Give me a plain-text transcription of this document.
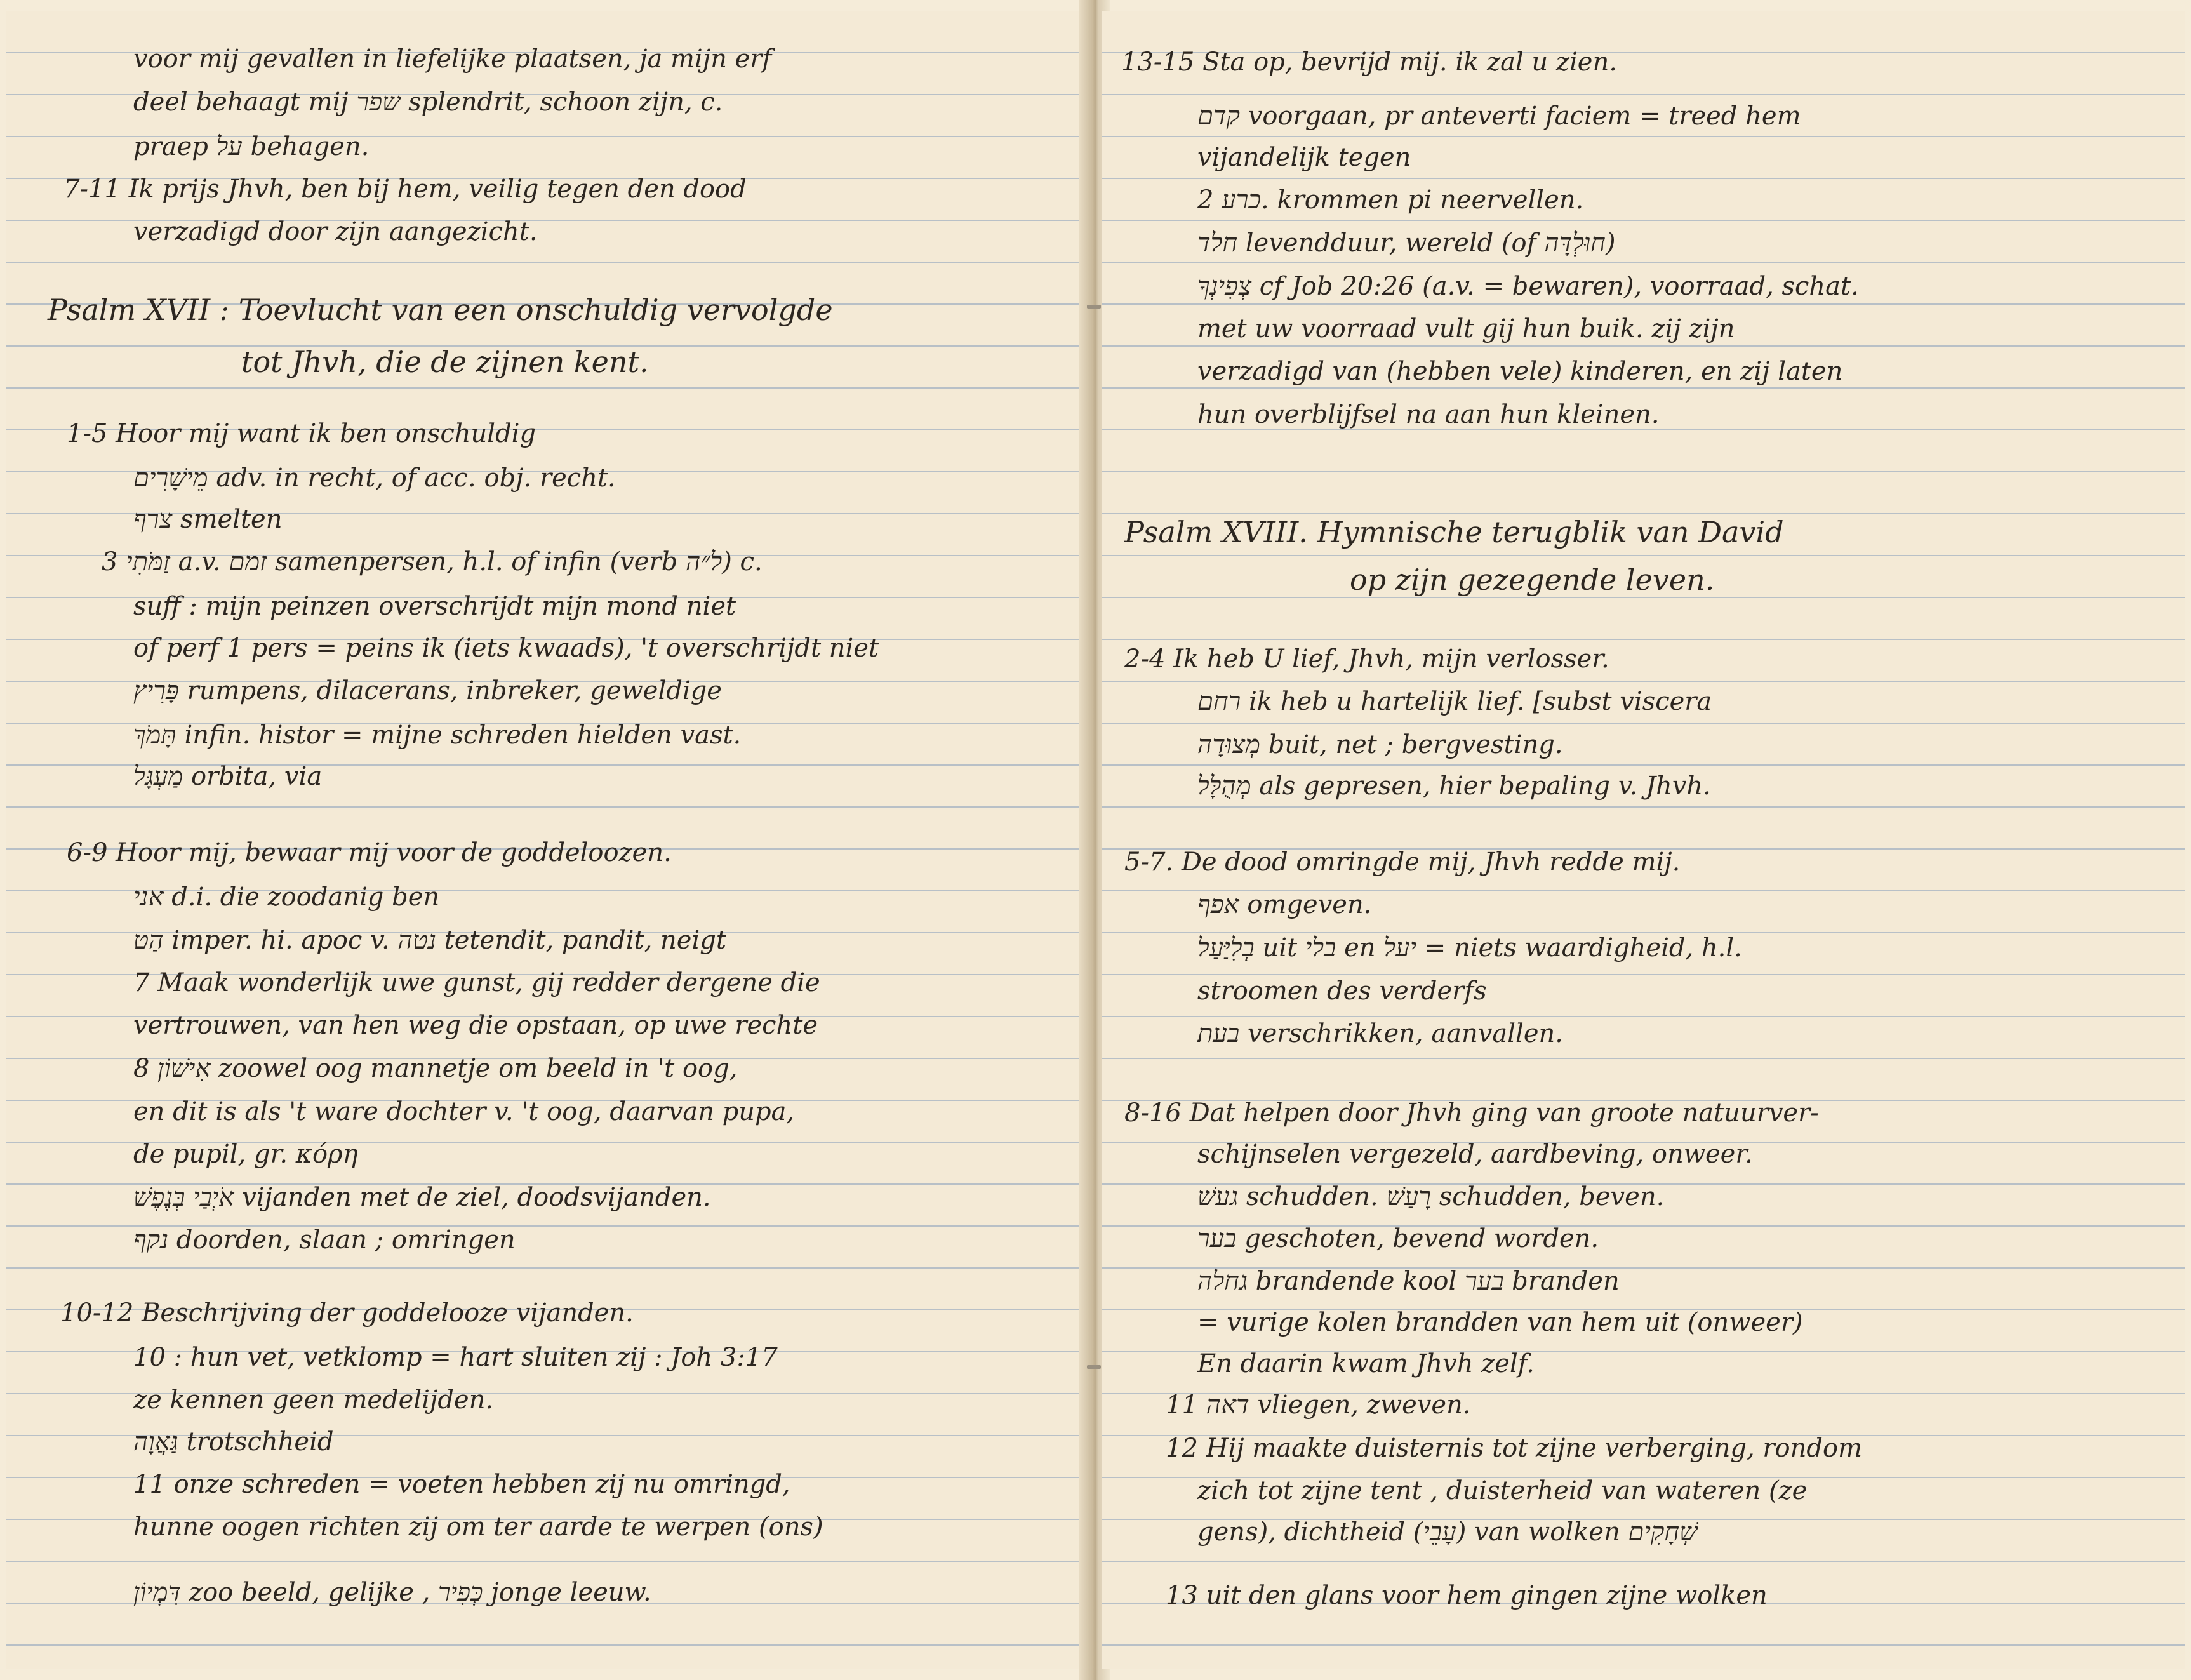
voor mij gevallen in liefelijke plaatsen, ja mijn erf

deel behaagt mij שפר splendrit, schoon zijn, c.

praep על behagen.

7-11 Ik prijs Jhvh, ben bij hem, veilig tegen den dood

verzadigd door zijn aangezicht.

Psalm XVII : Toevlucht van een onschuldig vervolgde

tot Jhvh, die de zijnen kent.

1-5 Hoor mij want ik ben onschuldig

מֵישָׁרִים adv. in recht, of acc. obj. recht.

צרף smelten

3 זַמֹּתִי a.v. זמם samenpersen, h.l. of infin (verb ל״ה) c.

suff : mijn peinzen overschrijdt mijn mond niet

of perf 1 pers = peins ik (iets kwaads), 't overschrijdt niet

פָּרִיץ rumpens, dilacerans, inbreker, geweldige

תָּמֹךְ infin. histor = mijne schreden hielden vast.

מַעְגָּל orbita, via

6-9 Hoor mij, bewaar mij voor de goddeloozen.

אני d.i. die zoodanig ben

הַט imper. hi. apoc v. נטה tetendit, pandit, neigt

7 Maak wonderlijk uwe gunst, gij redder dergene die

vertrouwen, van hen weg die opstaan, op uwe rechte

8 אִישׁוֹן zoowel oog mannetje om beeld in 't oog,

en dit is als 't ware dochter v. 't oog, daarvan pupa,

de pupil, gr. κόρη

אֹיְבַי בְּנֶפֶשׁ vijanden met de ziel, doodsvijanden.

נקף doorden, slaan ; omringen

10-12 Beschrijving der goddelooze vijanden.

10 : hun vet, vetklomp = hart sluiten zij : Joh 3:17

ze kennen geen medelijden.

גַּאֲוָה trotschheid

11 onze schreden = voeten hebben zij nu omringd,

hunne oogen richten zij om ter aarde te werpen (ons)

דִּמְיוֹן zoo beeld, gelijke , כְּפִיר jonge leeuw.

13-15 Sta op, bevrijd mij. ik zal u zien.

קדם voorgaan, pr anteverti faciem = treed hem

vijandelijk tegen

כרע 2. krommen pi neervellen.

חלד levendduur, wereld (of חוּלְדָּה)

צְפִינְךָ cf Job 20:26 (a.v. = bewaren), voorraad, schat.

met uw voorraad vult gij hun buik. zij zijn

verzadigd van (hebben vele) kinderen, en zij laten

hun overblijfsel na aan hun kleinen.

Psalm XVIII. Hymnische terugblik van David

op zijn gezegende leven.

2-4 Ik heb U lief, Jhvh, mijn verlosser.

רחם ik heb u hartelijk lief. [subst viscera

מְצוּדָה buit, net ; bergvesting.

מְהֻלָּל als gepresen, hier bepaling v. Jhvh.

5-7. De dood omringde mij, Jhvh redde mij.

אפף omgeven.

בְלִיַּעַל uit בלי en יעל = niets waardigheid, h.l.

stroomen des verderfs

בעת verschrikken, aanvallen.

8-16 Dat helpen door Jhvh ging van groote natuurver-

schijnselen vergezeld, aardbeving, onweer.

געשׁ schudden. רָעַשׁ schudden, beven.

בער geschoten, bevend worden.

גחלה brandende kool בער branden

= vurige kolen brandden van hem uit (onweer)

En daarin kwam Jhvh zelf.

11 דאה vliegen, zweven.

12 Hij maakte duisternis tot zijne verberging, rondom

zich tot zijne tent , duisterheid van wateren (ze

gens), dichtheid (עָבֵי) van wolken שְׁחָקִים

13 uit den glans voor hem gingen zijne wolken
